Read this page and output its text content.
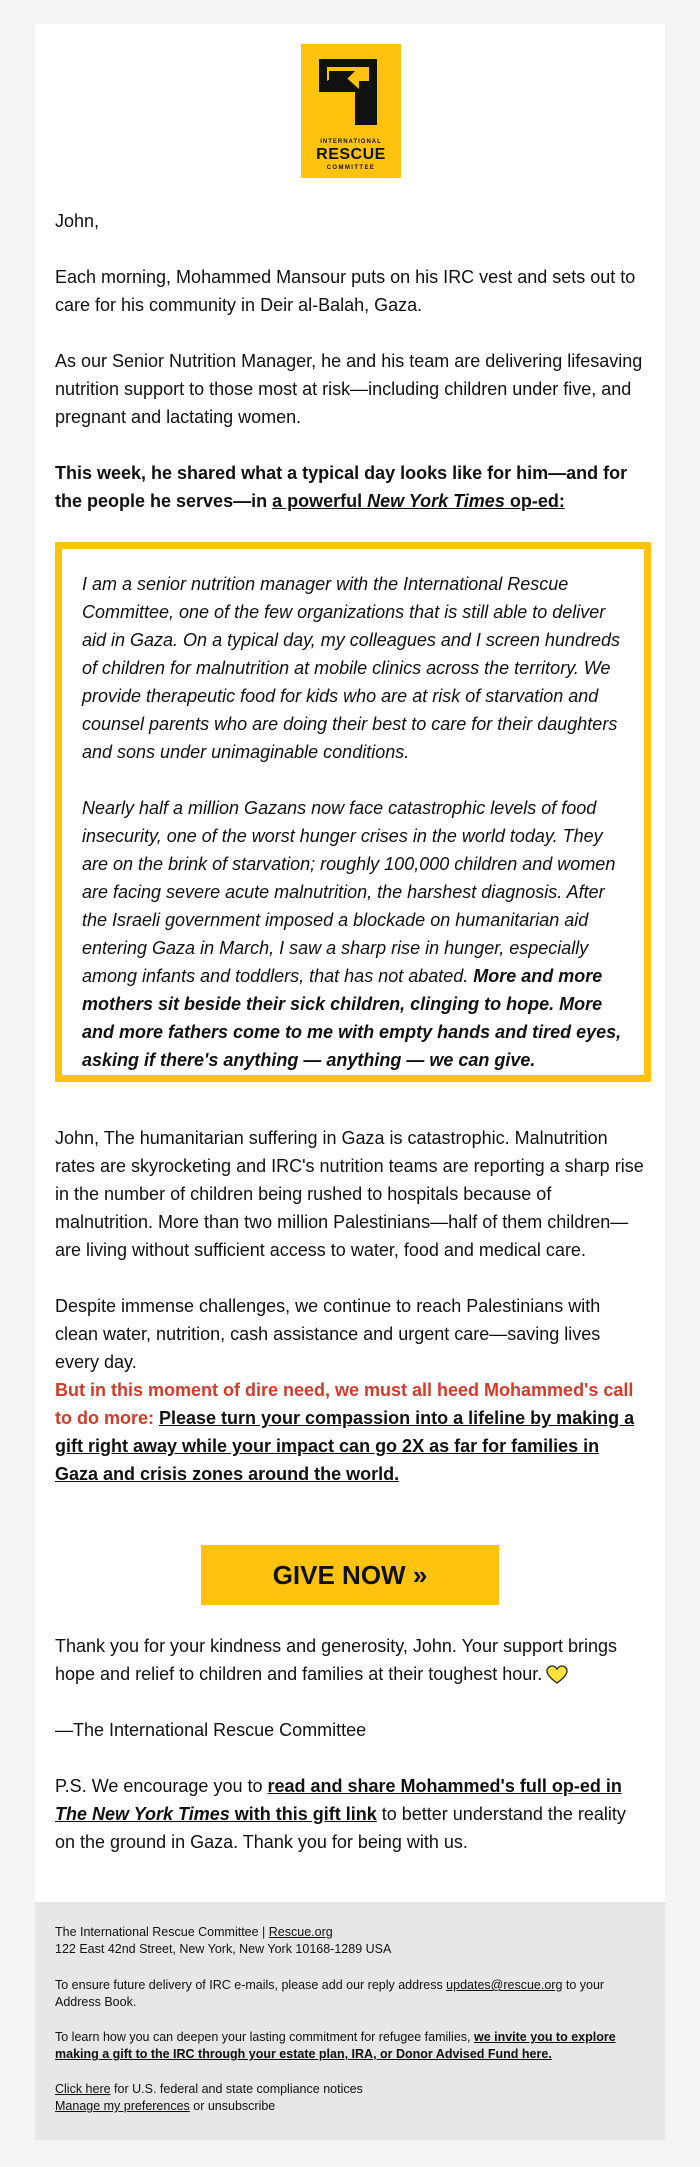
INTERNATIONAL
RESCUE
COMMITTEE

John,

Each morning, Mohammed Mansour puts on his IRC vest and sets out to care for his community in Deir al-Balah, Gaza.

As our Senior Nutrition Manager, he and his team are delivering lifesaving nutrition support to those most at risk—including children under five, and pregnant and lactating women.

This week, he shared what a typical day looks like for him—and for the people he serves—in a powerful New York Times op-ed:

I am a senior nutrition manager with the International Rescue Committee, one of the few organizations that is still able to deliver aid in Gaza. On a typical day, my colleagues and I screen hundreds of children for malnutrition at mobile clinics across the territory. We provide therapeutic food for kids who are at risk of starvation and counsel parents who are doing their best to care for their daughters and sons under unimaginable conditions.

Nearly half a million Gazans now face catastrophic levels of food insecurity, one of the worst hunger crises in the world today. They are on the brink of starvation; roughly 100,000 children and women are facing severe acute malnutrition, the harshest diagnosis. After the Israeli government imposed a blockade on humanitarian aid entering Gaza in March, I saw a sharp rise in hunger, especially among infants and toddlers, that has not abated. More and more mothers sit beside their sick children, clinging to hope. More and more fathers come to me with empty hands and tired eyes, asking if there's anything — anything — we can give.

John, The humanitarian suffering in Gaza is catastrophic. Malnutrition rates are skyrocketing and IRC's nutrition teams are reporting a sharp rise in the number of children being rushed to hospitals because of malnutrition. More than two million Palestinians—half of them children—are living without sufficient access to water, food and medical care.

Despite immense challenges, we continue to reach Palestinians with clean water, nutrition, cash assistance and urgent care—saving lives every day.

But in this moment of dire need, we must all heed Mohammed's call to do more: Please turn your compassion into a lifeline by making a gift right away while your impact can go 2X as far for families in Gaza and crisis zones around the world.

GIVE NOW »

Thank you for your kindness and generosity, John. Your support brings hope and relief to children and families at their toughest hour.

—The International Rescue Committee

P.S. We encourage you to read and share Mohammed's full op-ed in The New York Times with this gift link to better understand the reality on the ground in Gaza. Thank you for being with us.

The International Rescue Committee | Rescue.org

122 East 42nd Street, New York, New York 10168-1289 USA

To ensure future delivery of IRC e-mails, please add our reply address updates@rescue.org to your Address Book.

To learn how you can deepen your lasting commitment for refugee families, we invite you to explore making a gift to the IRC through your estate plan, IRA, or Donor Advised Fund here.

Click here for U.S. federal and state compliance notices

Manage my preferences or unsubscribe
